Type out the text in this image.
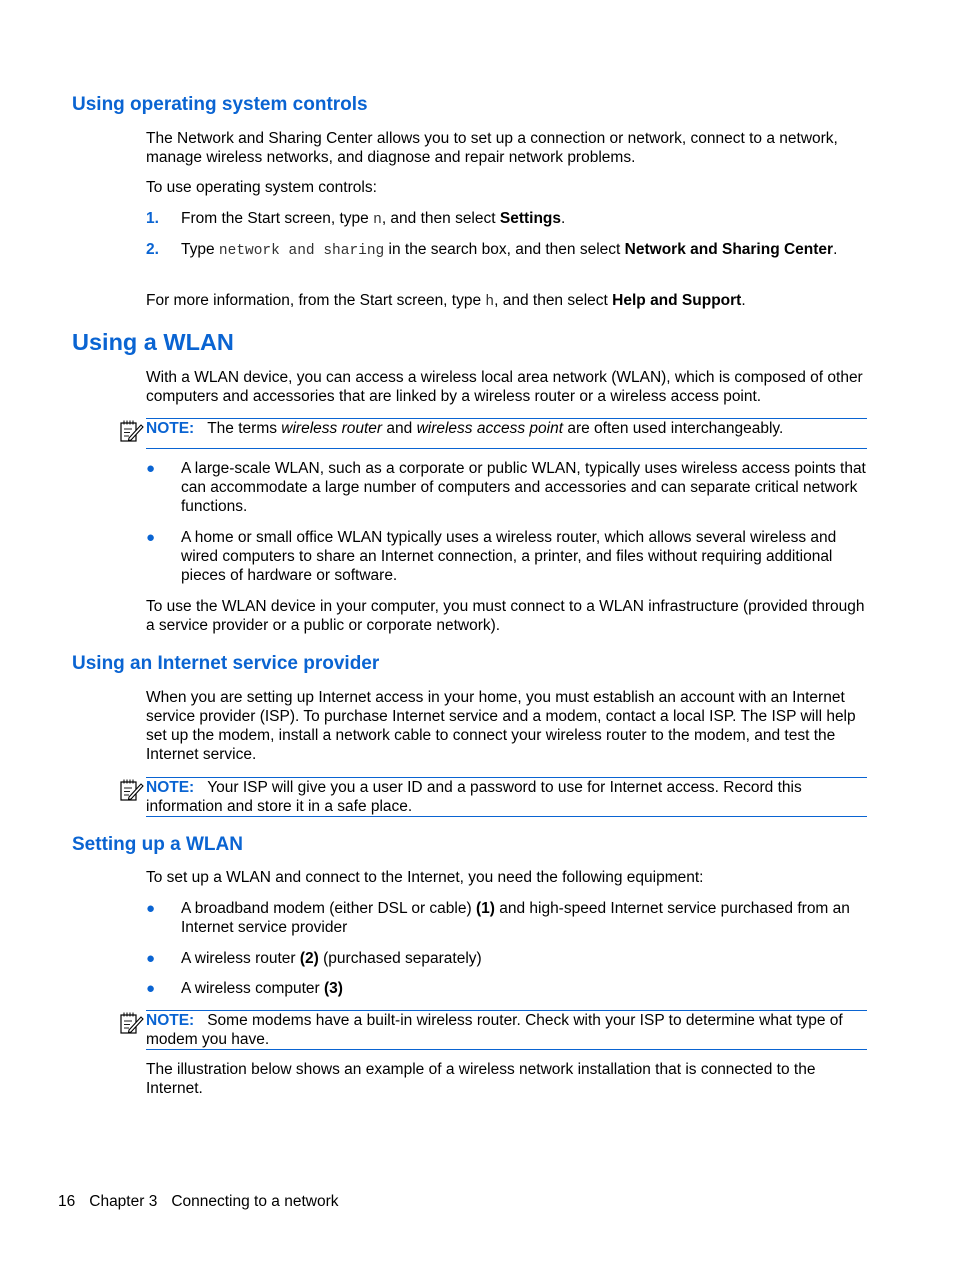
Using operating system controls
The Network and Sharing Center allows you to set up a connection or network, connect to a network, manage wireless networks, and diagnose and repair network problems.
To use operating system controls:
1. From the Start screen, type n, and then select Settings.
2. Type network and sharing in the search box, and then select Network and Sharing Center.
For more information, from the Start screen, type h, and then select Help and Support.
Using a WLAN
With a WLAN device, you can access a wireless local area network (WLAN), which is composed of other computers and accessories that are linked by a wireless router or a wireless access point.
NOTE: The terms wireless router and wireless access point are often used interchangeably.
● A large-scale WLAN, such as a corporate or public WLAN, typically uses wireless access points that can accommodate a large number of computers and accessories and can separate critical network functions.
● A home or small office WLAN typically uses a wireless router, which allows several wireless and wired computers to share an Internet connection, a printer, and files without requiring additional pieces of hardware or software.
To use the WLAN device in your computer, you must connect to a WLAN infrastructure (provided through a service provider or a public or corporate network).
Using an Internet service provider
When you are setting up Internet access in your home, you must establish an account with an Internet service provider (ISP). To purchase Internet service and a modem, contact a local ISP. The ISP will help set up the modem, install a network cable to connect your wireless router to the modem, and test the Internet service.
NOTE: Your ISP will give you a user ID and a password to use for Internet access. Record this information and store it in a safe place.
Setting up a WLAN
To set up a WLAN and connect to the Internet, you need the following equipment:
● A broadband modem (either DSL or cable) (1) and high-speed Internet service purchased from an Internet service provider
● A wireless router (2) (purchased separately)
● A wireless computer (3)
NOTE: Some modems have a built-in wireless router. Check with your ISP to determine what type of modem you have.
The illustration below shows an example of a wireless network installation that is connected to the Internet.
16 Chapter 3 Connecting to a network
